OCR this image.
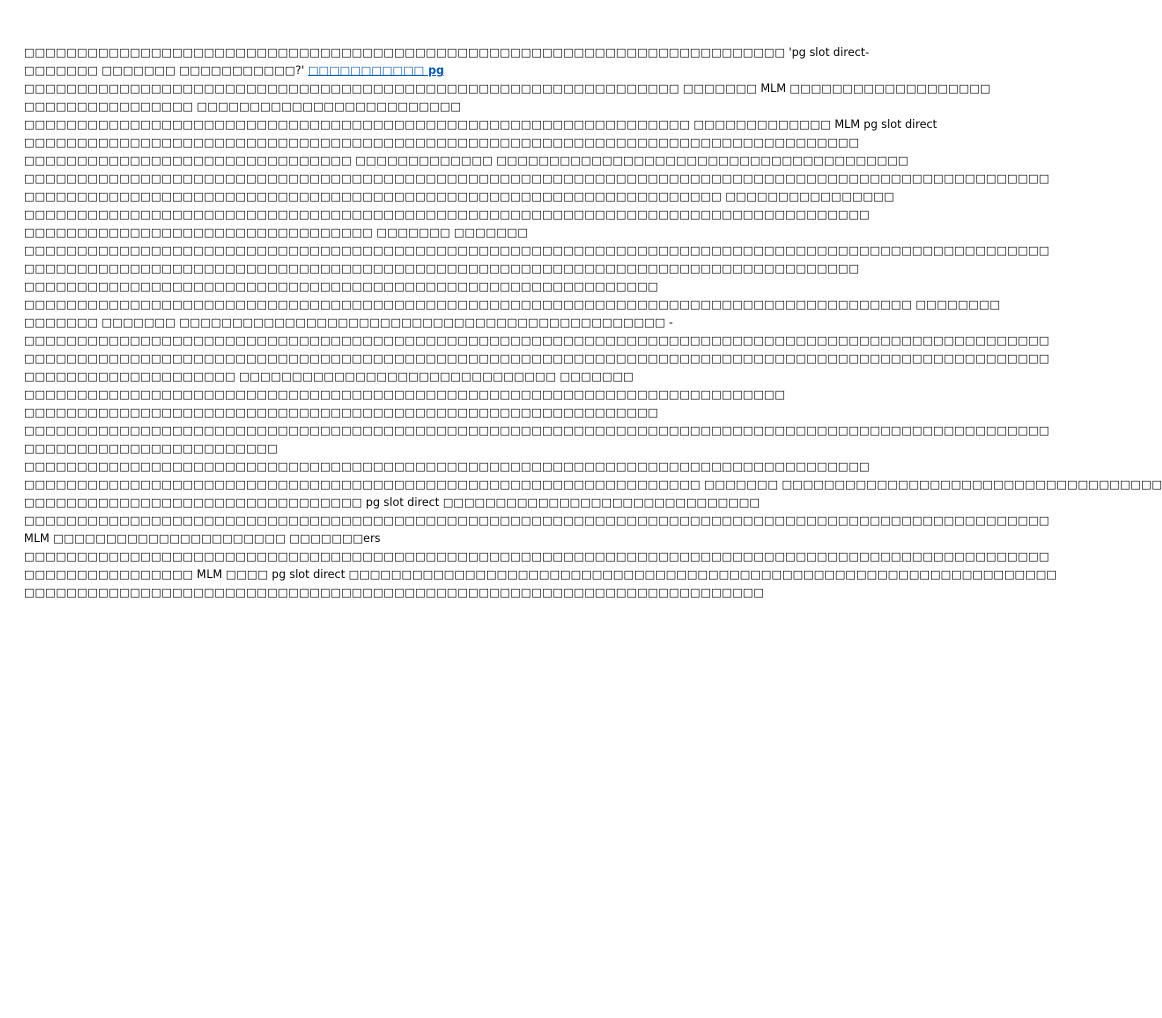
□□□□□□□□□□□□□□□□□□□□□□□□□□□□□□□□□□□□□□□□□□□□□□□□□□□□□□□□□□□□□□□□□□□□□□□□ 'pg slot direct-
□□□□□□□ □□□□□□□ □□□□□□□□□□□?' □□□□□□□□□□□ pg
□□□□□□□□□□□□□□□□□□□□□□□□□□□□□□□□□□□□□□□□□□□□□□□□□□□□□□□□□□□□□□ □□□□□□□ MLM □□□□□□□□□□□□□□□□□□□
□□□□□□□□□□□□□□□□ □□□□□□□□□□□□□□□□□□□□□□□□□
□□□□□□□□□□□□□□□□□□□□□□□□□□□□□□□□□□□□□□□□□□□□□□□□□□□□□□□□□□□□□□□ □□□□□□□□□□□□□ MLM pg slot direct
□□□□□□□□□□□□□□□□□□□□□□□□□□□□□□□□□□□□□□□□□□□□□□□□□□□□□□□□□□□□□□□□□□□□□□□□□□□□□□□
□□□□□□□□□□□□□□□□□□□□□□□□□□□□□□□ □□□□□□□□□□□□□ □□□□□□□□□□□□□□□□□□□□□□□□□□□□□□□□□□□□□□□
□□□□□□□□□□□□□□□□□□□□□□□□□□□□□□□□□□□□□□□□□□□□□□□□□□□□□□□□□□□□□□□□□□□□□□□□□□□□□□□□□□□□□□□□□□□□□□□□□
□□□□□□□□□□□□□□□□□□□□□□□□□□□□□□□□□□□□□□□□□□□□□□□□□□□□□□□□□□□□□□□□□□ □□□□□□□□□□□□□□□□
□□□□□□□□□□□□□□□□□□□□□□□□□□□□□□□□□□□□□□□□□□□□□□□□□□□□□□□□□□□□□□□□□□□□□□□□□□□□□□□□
□□□□□□□□□□□□□□□□□□□□□□□□□□□□□□□□□ □□□□□□□ □□□□□□□
□□□□□□□□□□□□□□□□□□□□□□□□□□□□□□□□□□□□□□□□□□□□□□□□□□□□□□□□□□□□□□□□□□□□□□□□□□□□□□□□□□□□□□□□□□□□□□□□□
□□□□□□□□□□□□□□□□□□□□□□□□□□□□□□□□□□□□□□□□□□□□□□□□□□□□□□□□□□□□□□□□□□□□□□□□□□□□□□□
□□□□□□□□□□□□□□□□□□□□□□□□□□□□□□□□□□□□□□□□□□□□□□□□□□□□□□□□□□□□
□□□□□□□□□□□□□□□□□□□□□□□□□□□□□□□□□□□□□□□□□□□□□□□□□□□□□□□□□□□□□□□□□□□□□□□□□□□□□□□□□□□□ □□□□□□□□
□□□□□□□ □□□□□□□ □□□□□□□□□□□□□□□□□□□□□□□□□□□□□□□□□□□□□□□□□□□□□□ -
□□□□□□□□□□□□□□□□□□□□□□□□□□□□□□□□□□□□□□□□□□□□□□□□□□□□□□□□□□□□□□□□□□□□□□□□□□□□□□□□□□□□□□□□□□□□□□□□□
□□□□□□□□□□□□□□□□□□□□□□□□□□□□□□□□□□□□□□□□□□□□□□□□□□□□□□□□□□□□□□□□□□□□□□□□□□□□□□□□□□□□□□□□□□□□□□□□□
□□□□□□□□□□□□□□□□□□□□ □□□□□□□□□□□□□□□□□□□□□□□□□□□□□□ □□□□□□□
□□□□□□□□□□□□□□□□□□□□□□□□□□□□□□□□□□□□□□□□□□□□□□□□□□□□□□□□□□□□□□□□□□□□□□□□
□□□□□□□□□□□□□□□□□□□□□□□□□□□□□□□□□□□□□□□□□□□□□□□□□□□□□□□□□□□□
□□□□□□□□□□□□□□□□□□□□□□□□□□□□□□□□□□□□□□□□□□□□□□□□□□□□□□□□□□□□□□□□□□□□□□□□□□□□□□□□□□□□□□□□□□□□□□□□□
□□□□□□□□□□□□□□□□□□□□□□□□
□□□□□□□□□□□□□□□□□□□□□□□□□□□□□□□□□□□□□□□□□□□□□□□□□□□□□□□□□□□□□□□□□□□□□□□□□□□□□□□□
□□□□□□□□□□□□□□□□□□□□□□□□□□□□□□□□□□□□□□□□□□□□□□□□□□□□□□□□□□□□□□□□ □□□□□□□ □□□□□□□□□□□□□□□□□□□□□□□□□□□□□□□□□□□□
□□□□□□□□□□□□□□□□□□□□□□□□□□□□□□□□ pg slot direct □□□□□□□□□□□□□□□□□□□□□□□□□□□□□□
□□□□□□□□□□□□□□□□□□□□□□□□□□□□□□□□□□□□□□□□□□□□□□□□□□□□□□□□□□□□□□□□□□□□□□□□□□□□□□□□□□□□□□□□□□□□□□□□□
MLM □□□□□□□□□□□□□□□□□□□□□□ □□□□□□□ers
□□□□□□□□□□□□□□□□□□□□□□□□□□□□□□□□□□□□□□□□□□□□□□□□□□□□□□□□□□□□□□□□□□□□□□□□□□□□□□□□□□□□□□□□□□□□□□□□□
□□□□□□□□□□□□□□□□ MLM □□□□ pg slot direct □□□□□□□□□□□□□□□□□□□□□□□□□□□□□□□□□□□□□□□□□□□□□□□□□□□□□□□□□□□□□□□□□□□
□□□□□□□□□□□□□□□□□□□□□□□□□□□□□□□□□□□□□□□□□□□□□□□□□□□□□□□□□□□□□□□□□□□□□□
